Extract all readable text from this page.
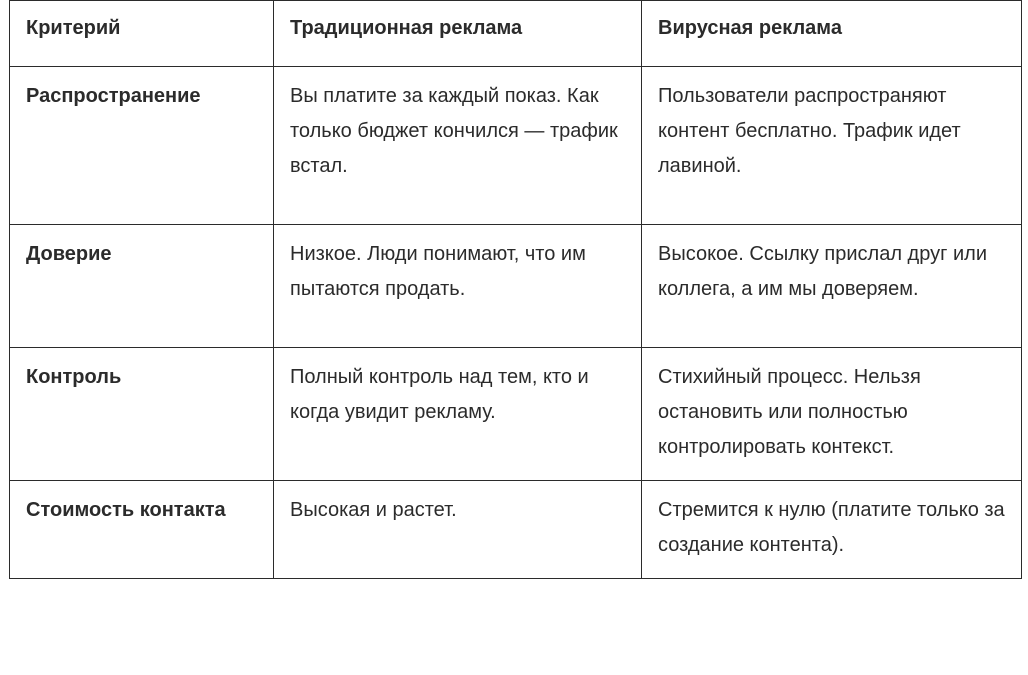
Критерий	Традиционная реклама	Вирусная реклама
Распространение	Вы платите за каждый показ. Как только бюджет кончился — трафик встал.	Пользователи распространяют контент бесплатно. Трафик идет лавиной.
Доверие	Низкое. Люди понимают, что им пытаются продать.	Высокое. Ссылку прислал друг или коллега, а им мы доверяем.
Контроль	Полный контроль над тем, кто и когда увидит рекламу.	Стихийный процесс. Нельзя остановить или полностью контролировать контекст.
Стоимость контакта	Высокая и растет.	Стремится к нулю (платите только за создание контента).
